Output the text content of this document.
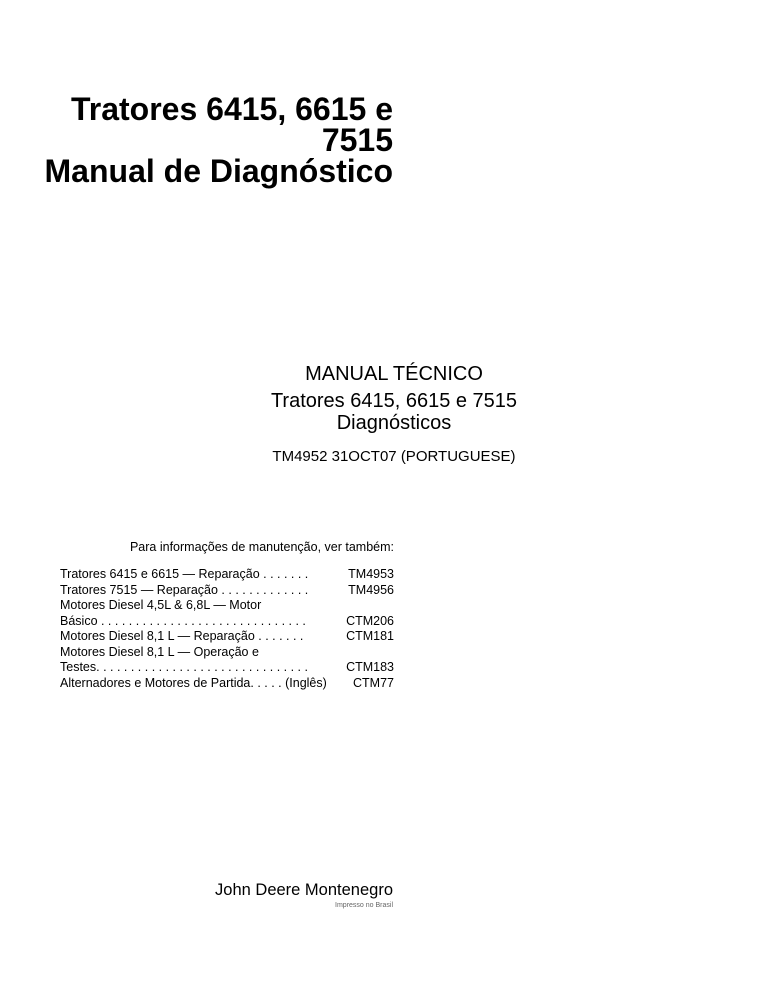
Tratores 6415, 6615 e
7515
Manual de Diagnóstico
MANUAL TÉCNICO
Tratores 6415, 6615 e 7515
Diagnósticos
TM4952 31OCT07 (PORTUGUESE)
Para informações de manutenção, ver também:
Tratores 6415 e 6615 — Reparação . . . . . . .	TM4953
Tratores 7515 — Reparação . . . . . . . . . . . . .	TM4956
Motores Diesel 4,5L & 6,8L — Motor
Básico . . . . . . . . . . . . . . . . . . . . . . . . . . . . . .	CTM206
Motores Diesel 8,1 L — Reparação . . . . . . .	CTM181
Motores Diesel 8,1 L — Operação e
Testes. . . . . . . . . . . . . . . . . . . . . . . . . . . . . . .	CTM183
Alternadores e Motores de Partida. . . . . (Inglês) CTM77
John Deere Montenegro
Impresso no Brasil
